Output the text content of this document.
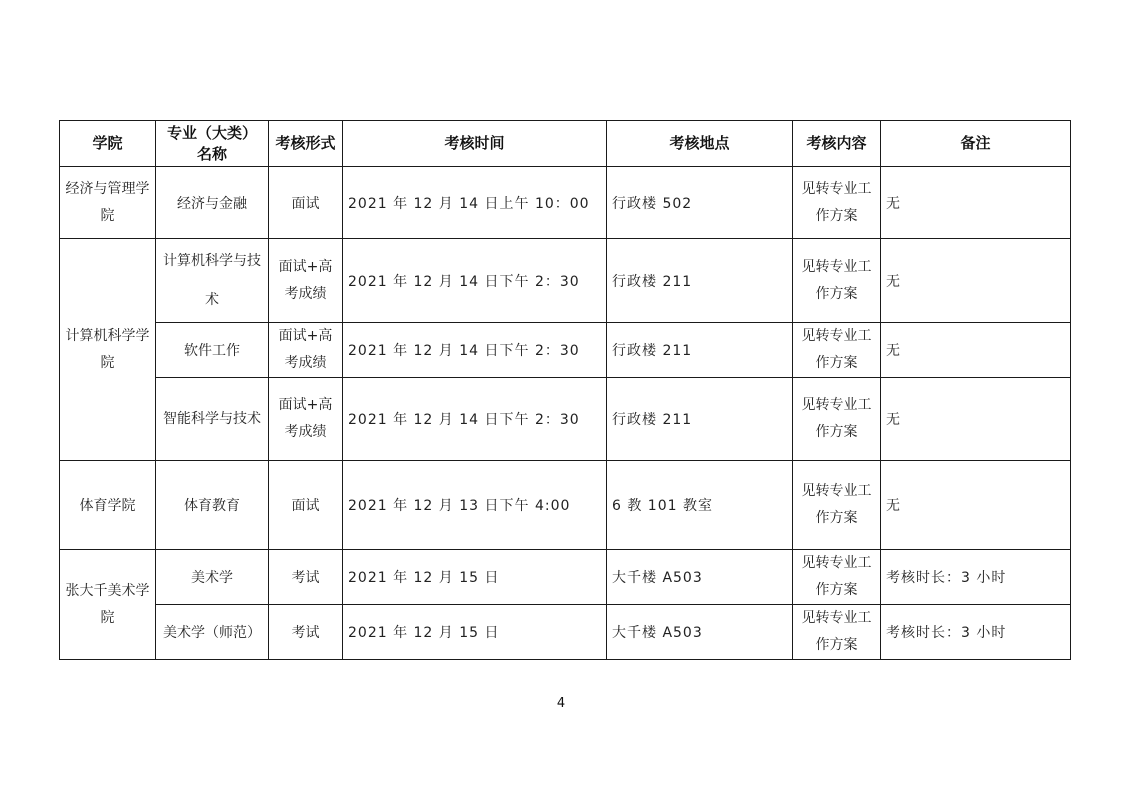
学院	专业（大类）名称	考核形式	考核时间	考核地点	考核内容	备注
经济与管理学院	经济与金融	面试	2021 年 12 月 14 日上午 10：00	行政楼 502	见转专业工作方案	无
计算机科学学院	计算机科学与技术	面试+高考成绩	2021 年 12 月 14 日下午 2：30	行政楼 211	见转专业工作方案	无
	软件工作	面试+高考成绩	2021 年 12 月 14 日下午 2：30	行政楼 211	见转专业工作方案	无
	智能科学与技术	面试+高考成绩	2021 年 12 月 14 日下午 2：30	行政楼 211	见转专业工作方案	无
体育学院	体育教育	面试	2021 年 12 月 13 日下午 4:00	6 教 101 教室	见转专业工作方案	无
张大千美术学院	美术学	考试	2021 年 12 月 15 日	大千楼 A503	见转专业工作方案	考核时长：3 小时
	美术学（师范）	考试	2021 年 12 月 15 日	大千楼 A503	见转专业工作方案	考核时长：3 小时
4
